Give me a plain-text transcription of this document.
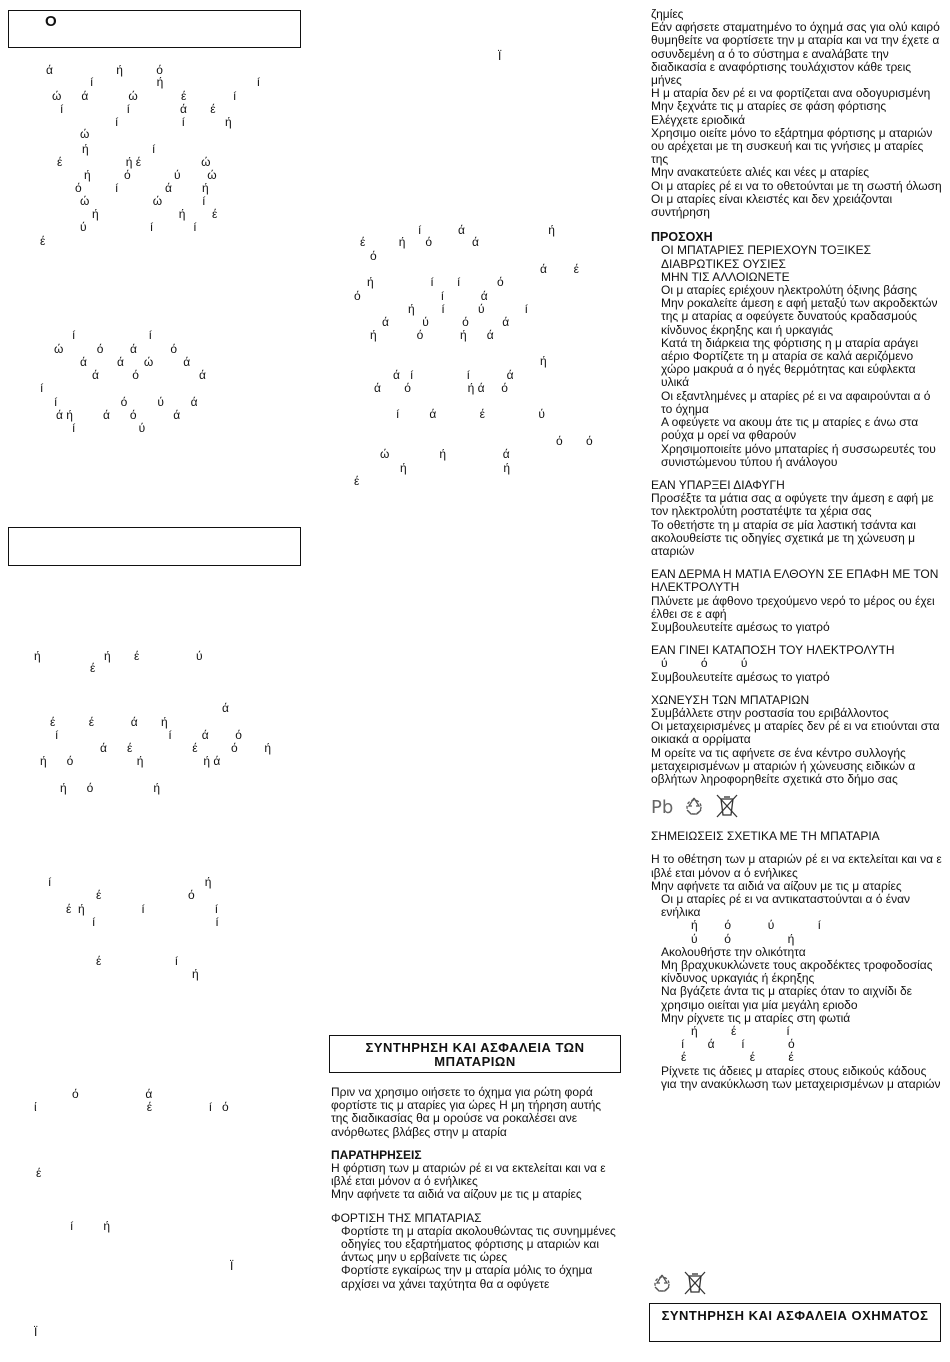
Ο
ά                   ή          ό
í                   ή                            í
ώ      ά            ώ             έ              í
í                   í               ά       έ
í                   í            ή
ώ
ή                   í
έ                   ή έ                  ώ
ή          ό             ύ        ώ
ό          í              ά         ή
ώ                   ώ            í
ή                        ή        έ
ύ                   í            í
έ
í                      í
ώ          ό        ά          ό
ά         ά      ώ         ά
ά          ό                  ά
í
í                   ό         ύ        ά
ά ή         ά      ό           ά
í                   ύ
ή                   ή       έ                 ύ
έ
ά
έ          έ           ά       ή
í                                 í         ά        ό
ά      έ                  έ          ό        ή
ή      ό                   ή                  ή ά
ή      ό                  ή
í                                              ή
έ                          ό
έ  ή                 í                     í
í                                    í
έ                      í
ή
ό                    ά
ί                                 έ                 í   ό
έ
í         ή
Ϊ
Ϊ
Ϊ
í           ά                         ή
έ          ή      ό            ά
ό
ά        έ
ή                 í       í           ό
ό                        í           ά
ή        í          ύ            í
ά          ύ          ό          ά
ή            ό           ή      ά
ή
ά   í                í           ά
ά       ό                 ή ά     ό
í         ά             έ                ύ
ό       ό
ώ               ή                 ά
ή                             ή
έ
ΣΥΝΤΗΡΗΣΗ ΚΑΙ ΑΣΦΑΛΕΙΑ ΤΩΝ ΜΠΑΤΑΡΙΩΝ
Πριν να χρησιμο οιήσετε το όχημα για ρώτη φορά φορτίστε τις μ αταρίες για ώρες Η μη τήρηση αυτής της διαδικασίας θα μ ορούσε να ροκαλέσει ανε ανόρθωτες βλάβες στην μ αταρία
ΠΑΡΑΤΗΡΗΣΕΙΣ
Η φόρτιση των μ αταριών ρέ ει να εκτελείται και να ε ιβλέ εται μόνον α ό ενήλικες
Μην αφήνετε τα αιδιά να αίζουν με τις μ αταρίες
ΦΟΡΤΙΣΗ ΤΗΣ ΜΠΑΤΑΡΙΑΣ
Φορτίστε τη μ αταρία ακολουθώντας τις συνημμένες οδηγίες του εξαρτήματος φόρτισης μ αταριών και άντως μην υ ερβαίνετε τις ώρες
Φορτίστε εγκαίρως την μ αταρία μόλις το όχημα αρχίσει να χάνει ταχύτητα θα α οφύγετε
ζημίες
Εάν αφήσετε σταματημένο το όχημά σας για ολύ καιρό θυμηθείτε να φορτίσετε την μ αταρία και να την έχετε α οσυνδεμένη α ό το σύστημα ε αναλάβατε την διαδικασία ε αναφόρτισης τουλάχιστον κάθε τρεις μήνες
Η μ αταρία δεν ρέ ει να φορτίζεται ανα οδογυρισμένη
Μην ξεχνάτε τις μ αταρίες σε φάση φόρτισης
Ελέγχετε εριοδικά
Χρησιμο οιείτε μόνο το εξάρτημα φόρτισης μ αταριών ου αρέχεται με τη συσκευή και τις γνήσιες μ αταρίες της
Μην ανακατεύετε αλιές και νέες μ αταρίες
Οι μ αταρίες ρέ ει να το οθετούνται με τη σωστή όλωση
Οι μ αταρίες είναι κλειστές και δεν χρειάζονται συντήρηση
ΠΡΟΣΟΧΗ
ΟΙ ΜΠΑΤΑΡΙΕΣ ΠΕΡΙΕΧΟΥΝ ΤΟΞΙΚΕΣ ΔΙΑΒΡΩΤΙΚΕΣ ΟΥΣΙΕΣ
ΜΗΝ ΤΙΣ ΑΛΛΟΙΩΝΕΤΕ
Οι μ αταρίες εριέχουν ηλεκτρολύτη όξινης βάσης
Μην ροκαλείτε άμεση ε αφή μεταξύ των ακροδεκτών της μ αταρίας α οφεύγετε δυνατούς κραδασμούς κίνδυνος έκρηξης και ή υρκαγιάς
Κατά τη διάρκεια της φόρτισης η μ αταρία αράγει αέριο Φορτίζετε τη μ αταρία σε καλά αεριζόμενο χώρο μακρυά α ό ηγές θερμότητας και εύφλεκτα υλικά
Οι εξαντλημένες μ αταρίες ρέ ει να αφαιρούνται α ό το όχημα
Α οφεύγετε να ακουμ άτε τις μ αταρίες ε άνω στα ρούχα μ ορεί να φθαρούν
Χρησιμοποιείτε μόνο μπαταρίες ή συσσωρευτές του συνιστώμενου τύπου ή ανάλογου
ΕΑΝ ΥΠΑΡΞΕΙ ΔΙΑΦΥΓΗ
Προσέξτε τα μάτια σας α οφύγετε την άμεση ε αφή με τον ηλεκτρολύτη ροστατέψτε τα χέρια σας
Το οθετήστε τη μ αταρία σε μία λαστική τσάντα και ακολουθείστε τις οδηγίες σχετικά με τη χώνευση μ αταριών
ΕΑΝ ΔΕΡΜΑ Η ΜΑΤΙΑ ΕΛΘΟΥΝ ΣΕ ΕΠΑΦΗ ΜΕ ΤΟΝ ΗΛΕΚΤΡΟΛΥΤΗ
Πλύνετε με άφθονο τρεχούμενο νερό το μέρος ου έχει έλθει σε ε αφή
Συμβουλευτείτε αμέσως το γιατρό
ΕΑΝ ΓΙΝΕΙ ΚΑΤΑΠΟΣΗ ΤΟΥ ΗΛΕΚΤΡΟΛΥΤΗ
ύ          ό          ύ
Συμβουλευτείτε αμέσως το γιατρό
ΧΩΝΕΥΣΗ ΤΩΝ ΜΠΑΤΑΡΙΩΝ
Συμβάλλετε στην ροστασία του εριβάλλοντος
Οι μεταχειρισμένες μ αταρίες δεν ρέ ει να ετιούνται στα οικιακά α ορρίματα
Μ ορείτε να τις αφήνετε σε ένα κέντρο συλλογής μεταχειρισμένων μ αταριών ή χώνευσης ειδικών α οβλήτων ληροφορηθείτε σχετικά στο δήμο σας
Pb
ΣΗΜΕΙΩΣΕΙΣ ΣΧΕΤΙΚΑ ΜΕ ΤΗ ΜΠΑΤΑΡΙΑ
Η το οθέτηση των μ αταριών ρέ ει να εκτελείται και να ε ιβλέ εται μόνον α ό ενήλικες
Μην αφήνετε τα αιδιά να αίζουν με τις μ αταρίες
Οι μ αταρίες ρέ ει να αντικαταστούνται α ό έναν ενήλικα
ή        ό           ύ             í
ύ        ό                 ή
Ακολουθήστε την ολικότητα
Μη βραχυκυκλώνετε τους ακροδέκτες τροφοδοσίας κίνδυνος υρκαγιάς ή έκρηξης
Να βγάζετε άντα τις μ αταρίες όταν το αιχνίδι δε χρησιμο οιείται για μία μεγάλη εριοδο
Μην ρίχνετε τις μ αταρίες στη φωτιά
ή          έ               í
í       ά        í             ό
έ                   έ          έ
Ρίχνετε τις άδειες μ αταρίες στους ειδικούς κάδους για την ανακύκλωση των μεταχειρισμένων μ αταριών
ΣΥΝΤΗΡΗΣΗ ΚΑΙ ΑΣΦΑΛΕΙΑ ΟΧΗΜΑΤΟΣ
